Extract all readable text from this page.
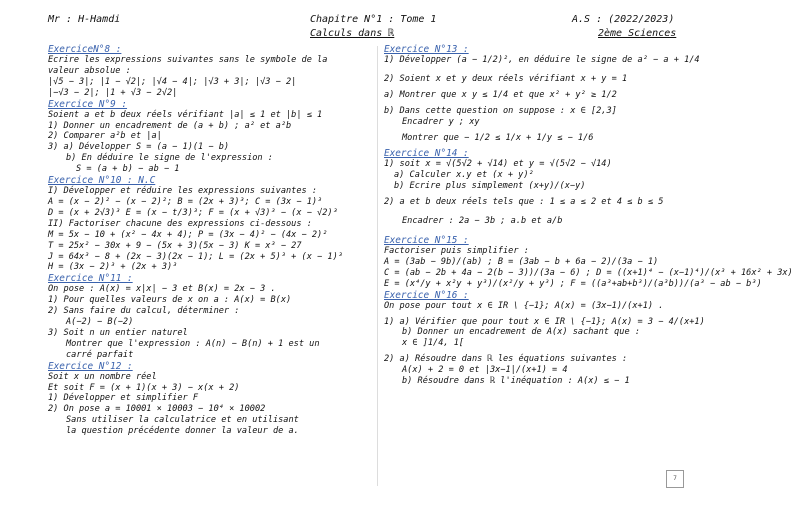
Mr : H-Hamdi	Chapitre N°1 : Tome 1
Calculs dans ℝ
A.S : (2022/2023)
2ème Sciences
ExerciceN°8 :
Ecrire les expressions suivantes sans le symbole de la
valeur absolue :
|√5 − 3|; |1 − √2|; |√4 − 4|; |√3 + 3|; |√3 − 2|
|−√3 − 2|; |1 + √3 − 2√2|
Exercice N°9 :
Soient a et b deux réels vérifiant |a| ≤ 1 et |b| ≤ 1
1) Donner un encadrement de (a + b) ; a² et a²b
2) Comparer a²b et |a|
3) a) Développer S = (a − 1)(1 − b)
b) En déduire le signe de l'expression :
S = (a + b) − ab − 1
Exercice N°10 : N.C
I) Développer et réduire les expressions suivantes :
A = (x − 2)² − (x − 2)²; B = (2x + 3)³; C = (3x − 1)³
D = (x + 2√3)³ E = (x − t/3)³; F = (x + √3)³ − (x − √2)³
II) Factoriser chacune des expressions ci-dessous :
M = 5x − 10 + (x² − 4x + 4); P = (3x − 4)² − (4x − 2)²
T = 25x² − 30x + 9 − (5x + 3)(5x − 3) K = x³ − 27
J = 64x³ − 8 + (2x − 3)(2x − 1); L = (2x + 5)³ + (x − 1)³
H = (3x − 2)³ + (2x + 3)³
Exercice N°11 :
On pose : A(x) = x|x| − 3 et B(x) = 2x − 3 .
1) Pour quelles valeurs de x on a : A(x) = B(x)
2) Sans faire du calcul, déterminer :
A(−2) − B(−2)
3) Soit n un entier naturel
Montrer que l'expression : A(n) − B(n) + 1 est un
carré parfait
Exercice N°12 :
Soit x un nombre réel
Et soit F = (x + 1)(x + 3) − x(x + 2)
1) Développer et simplifier F
2) On pose a = 10001 × 10003 − 10⁴ × 10002
Sans utiliser la calculatrice et en utilisant
la question précédente donner la valeur de a.
Exercice N°13 :
1) Développer (a − 1/2)², en déduire le signe de a² − a + 1/4
2) Soient x et y deux réels vérifiant x + y = 1
a) Montrer que x y ≤ 1/4 et que x² + y² ≥ 1/2
b) Dans cette question on suppose : x ∈ [2,3]
Encadrer y ; xy
Montrer que − 1/2 ≤ 1/x + 1/y ≤ − 1/6
Exercice N°14 :
1) soit x = √(5√2 + √14) et y = √(5√2 − √14)
a) Calculer x.y et (x + y)²
b) Ecrire plus simplement (x+y)/(x−y)
2) a et b deux réels tels que : 1 ≤ a ≤ 2 et 4 ≤ b ≤ 5
Encadrer : 2a − 3b ; a.b et a/b
Exercice N°15 :
Factoriser puis simplifier :
A = (3ab − 9b)/(ab) ; B = (3ab − b + 6a − 2)/(3a − 1)
C = (ab − 2b + 4a − 2(b − 3))/(3a − 6) ; D = ((x+1)⁴ − (x−1)⁴)/(x³ + 16x² + 3x)
E = (x⁴/y + x²y + y³)/(x²/y + y³) ; F = ((a³+ab+b³)/(a³b))/(a³ − ab − b³)
Exercice N°16 :
On pose pour tout x ∈ IR \ {−1}; A(x) = (3x−1)/(x+1) .
1) a) Vérifier que pour tout x ∈ IR \ {−1}; A(x) = 3 − 4/(x+1)
b) Donner un encadrement de A(x) sachant que :
x ∈ ]1/4, 1[
2) a) Résoudre dans ℝ les équations suivantes :
A(x) + 2 = 0 et |3x−1|/(x+1) = 4
b) Résoudre dans ℝ l'inéquation : A(x) ≤ − 1
7
